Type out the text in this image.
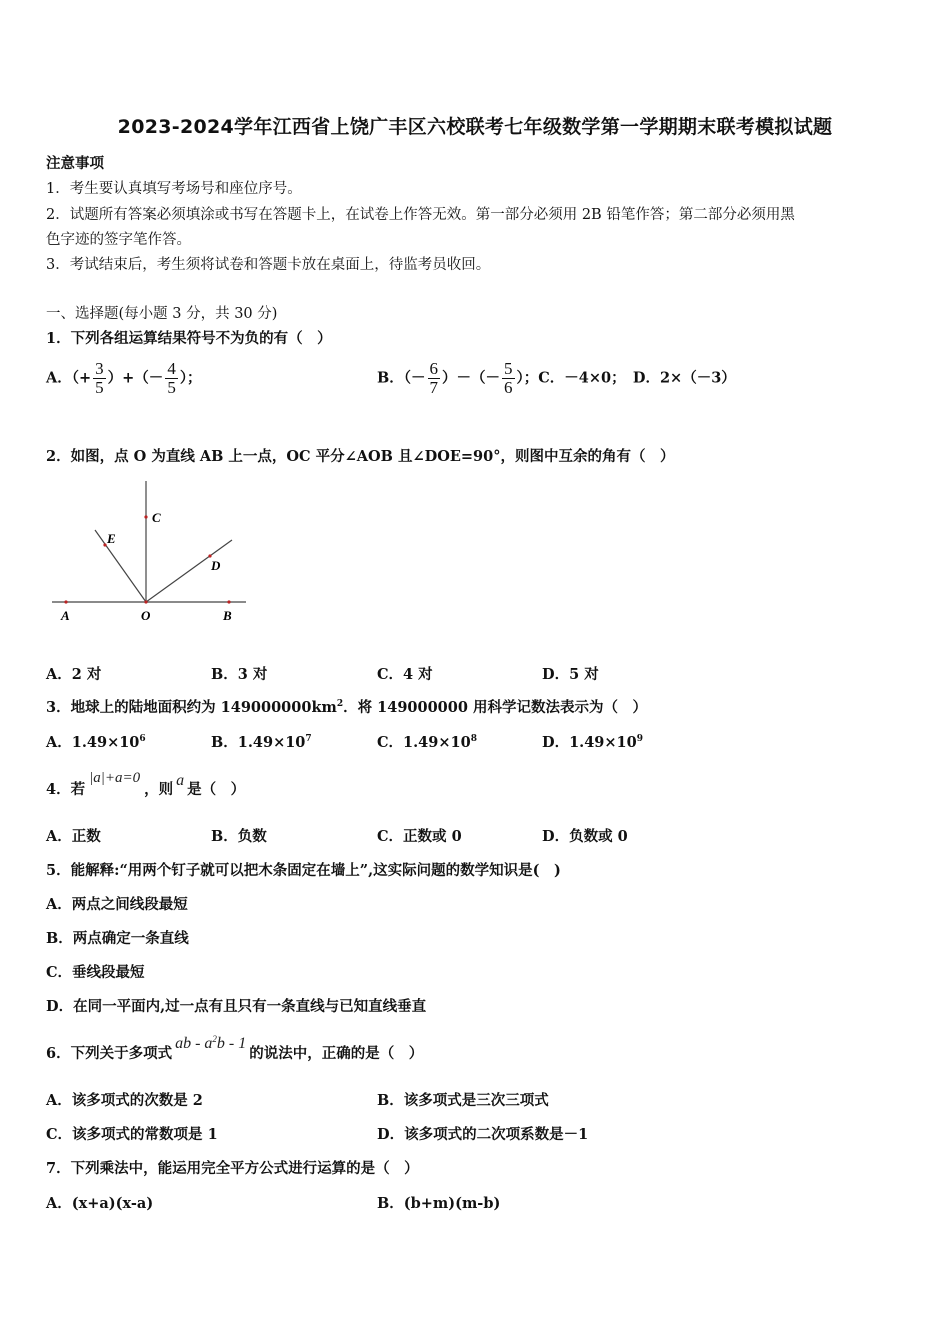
2023-2024学年江西省上饶广丰区六校联考七年级数学第一学期期末联考模拟试题
注意事项
1．考生要认真填写考场号和座位序号。
2．试题所有答案必须填涂或书写在答题卡上，在试卷上作答无效。第一部分必须用 2B 铅笔作答；第二部分必须用黑
色字迹的签字笔作答。
3．考试结束后，考生须将试卷和答题卡放在桌面上，待监考员收回。
一、选择题(每小题 3 分，共 30 分)
1．下列各组运算结果符号不为负的有（　）
A．（+ $\frac{3}{5}$ ）+（－ $\frac{4}{5}$ ）；	B．（－ $\frac{6}{7}$ ）－（－ $\frac{5}{6}$ ）；C．－4×0；　D．2×（－3）
2．如图，点 O 为直线 AB 上一点，OC 平分∠AOB 且∠DOE=90°，则图中互余的角有（　）
A	O	B
C
D
E
A．2 对	B．3 对	C．4 对	D．5 对
3．地球上的陆地面积约为 $149000000km^2$．将 149000000 用科学记数法表示为（　）
A．$1.49\times 10^6$	B．$1.49\times 10^7$	C．$1.49\times 10^8$	D．$1.49\times 10^9$
4．若|a|+a=0，则a是（　）
A．正数	B．负数	C．正数或 0	D．负数或 0
5．能解释:“用两个钉子就可以把木条固定在墙上”,这实际问题的数学知识是(　)
A．两点之间线段最短
B．两点确定一条直线
C．垂线段最短
D．在同一平面内,过一点有且只有一条直线与已知直线垂直
6．下列关于多项式ab - $a^2b - 1$的说法中，正确的是（　）
A．该多项式的次数是 2	B．该多项式是三次三项式
C．该多项式的常数项是 1	D．该多项式的二次项系数是－1
7．下列乘法中，能运用完全平方公式进行运算的是（　）
A．(x+a)(x-a)	B．(b+m)(m-b)
